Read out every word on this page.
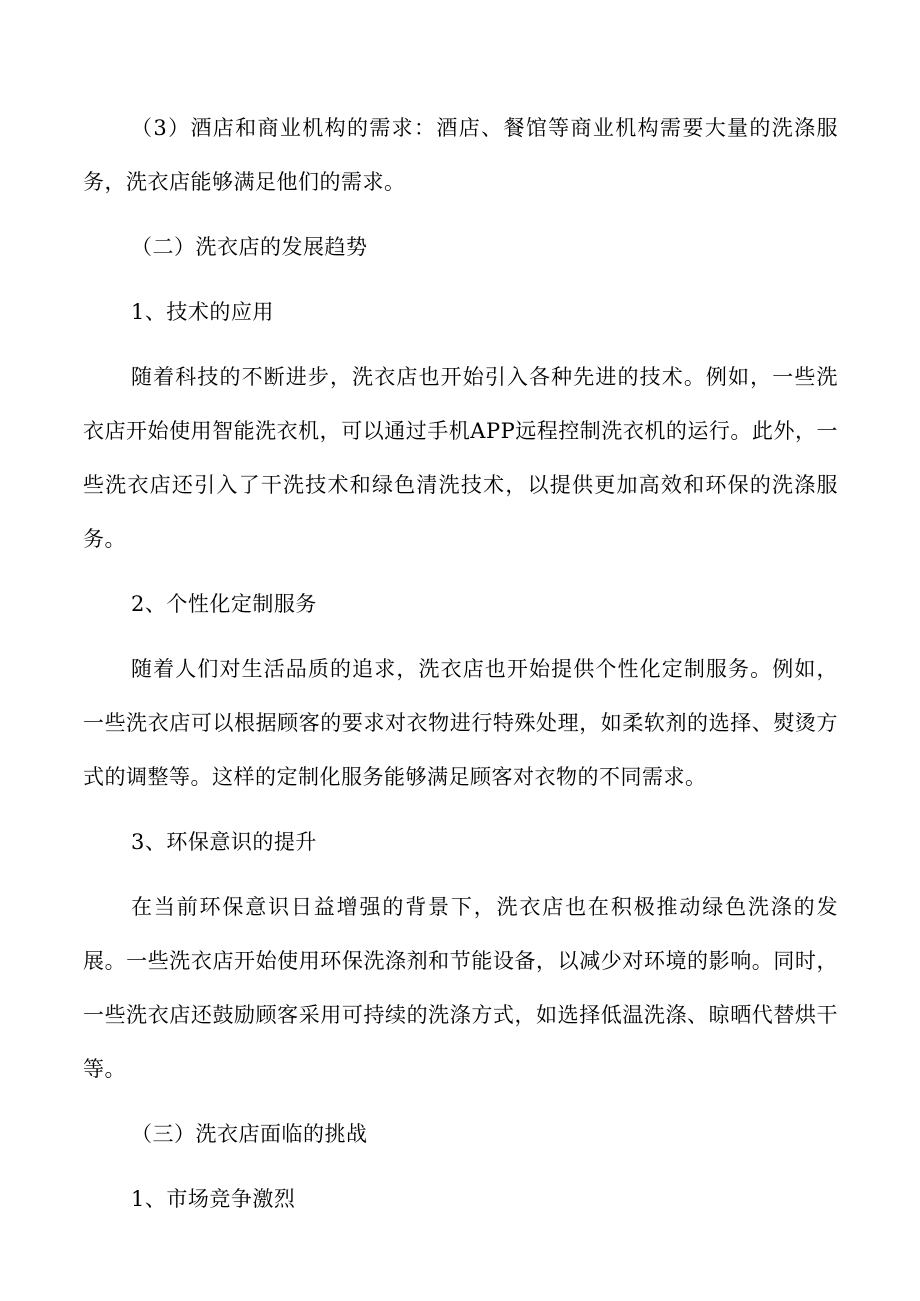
（3）酒店和商业机构的需求：酒店、餐馆等商业机构需要大量的洗涤服务，洗衣店能够满足他们的需求。

（二）洗衣店的发展趋势

1、技术的应用

随着科技的不断进步，洗衣店也开始引入各种先进的技术。例如，一些洗衣店开始使用智能洗衣机，可以通过手机APP远程控制洗衣机的运行。此外，一些洗衣店还引入了干洗技术和绿色清洗技术，以提供更加高效和环保的洗涤服务。

2、个性化定制服务

随着人们对生活品质的追求，洗衣店也开始提供个性化定制服务。例如，一些洗衣店可以根据顾客的要求对衣物进行特殊处理，如柔软剂的选择、熨烫方式的调整等。这样的定制化服务能够满足顾客对衣物的不同需求。

3、环保意识的提升

在当前环保意识日益增强的背景下，洗衣店也在积极推动绿色洗涤的发展。一些洗衣店开始使用环保洗涤剂和节能设备，以减少对环境的影响。同时，一些洗衣店还鼓励顾客采用可持续的洗涤方式，如选择低温洗涤、晾晒代替烘干等。

（三）洗衣店面临的挑战

1、市场竞争激烈
